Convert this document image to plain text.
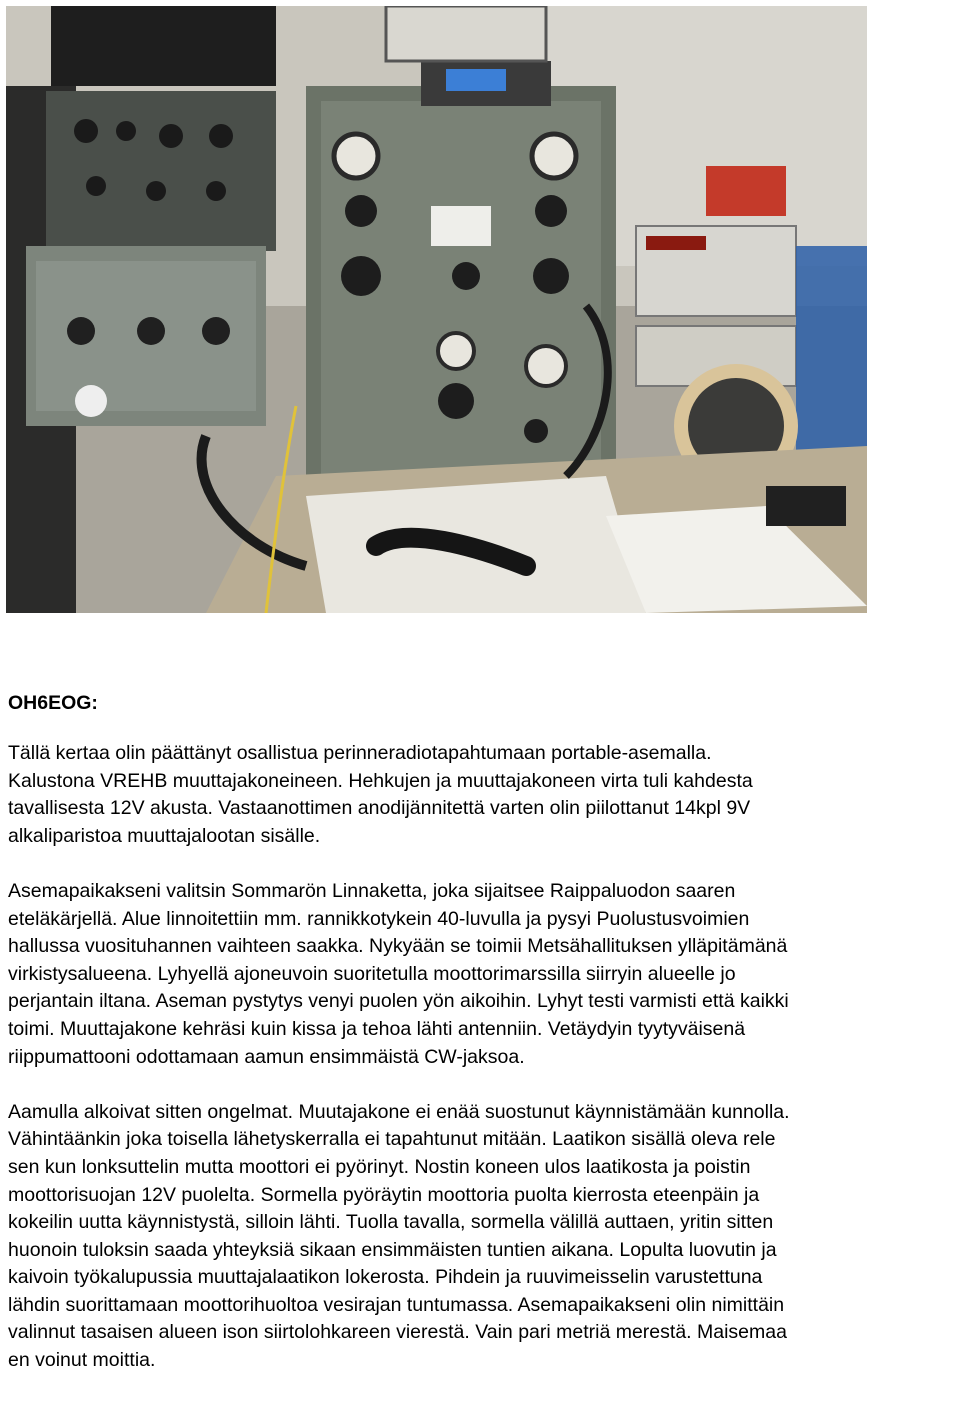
OH6EOG:

Tällä kertaa olin päättänyt osallistua perinneradiotapahtumaan portable-asemalla.
Kalustona VREHB muuttajakoneineen. Hehkujen ja muuttajakoneen virta tuli kahdesta
tavallisesta 12V akusta. Vastaanottimen anodijännitettä varten olin piilottanut 14kpl 9V
alkaliparistoa muuttajalootan sisälle.

Asemapaikakseni valitsin Sommarön Linnaketta, joka sijaitsee Raippaluodon saaren
eteläkärjellä. Alue linnoitettiin mm. rannikkotykein 40-luvulla ja pysyi Puolustusvoimien
hallussa vuosituhannen vaihteen saakka. Nykyään se toimii Metsähallituksen ylläpitämänä
virkistysalueena. Lyhyellä ajoneuvoin suoritetulla moottorimarssilla siirryin alueelle jo
perjantain iltana. Aseman pystytys venyi puolen yön aikoihin. Lyhyt testi varmisti että kaikki
toimi. Muuttajakone kehräsi kuin kissa ja tehoa lähti antenniin. Vetäydyin tyytyväisenä
riippumattooni odottamaan aamun ensimmäistä CW-jaksoa.

Aamulla alkoivat sitten ongelmat. Muutajakone ei enää suostunut käynnistämään kunnolla.
Vähintäänkin joka toisella lähetyskerralla ei tapahtunut mitään. Laatikon sisällä oleva rele
sen kun lonksuttelin mutta moottori ei pyörinyt. Nostin koneen ulos laatikosta ja poistin
moottorisuojan 12V puolelta. Sormella pyöräytin moottoria puolta kierrosta eteenpäin ja
kokeilin uutta käynnistystä, silloin lähti. Tuolla tavalla, sormella välillä auttaen, yritin sitten
huonoin tuloksin saada yhteyksiä sikaan ensimmäisten tuntien aikana. Lopulta luovutin ja
kaivoin työkalupussia muuttajalaatikon lokerosta. Pihdein ja ruuvimeisselin varustettuna
lähdin suorittamaan moottorihuoltoa vesirajan tuntumassa. Asemapaikakseni olin nimittäin
valinnut tasaisen alueen ison siirtolohkareen vierestä. Vain pari metriä merestä. Maisemaa
en voinut moittia.
